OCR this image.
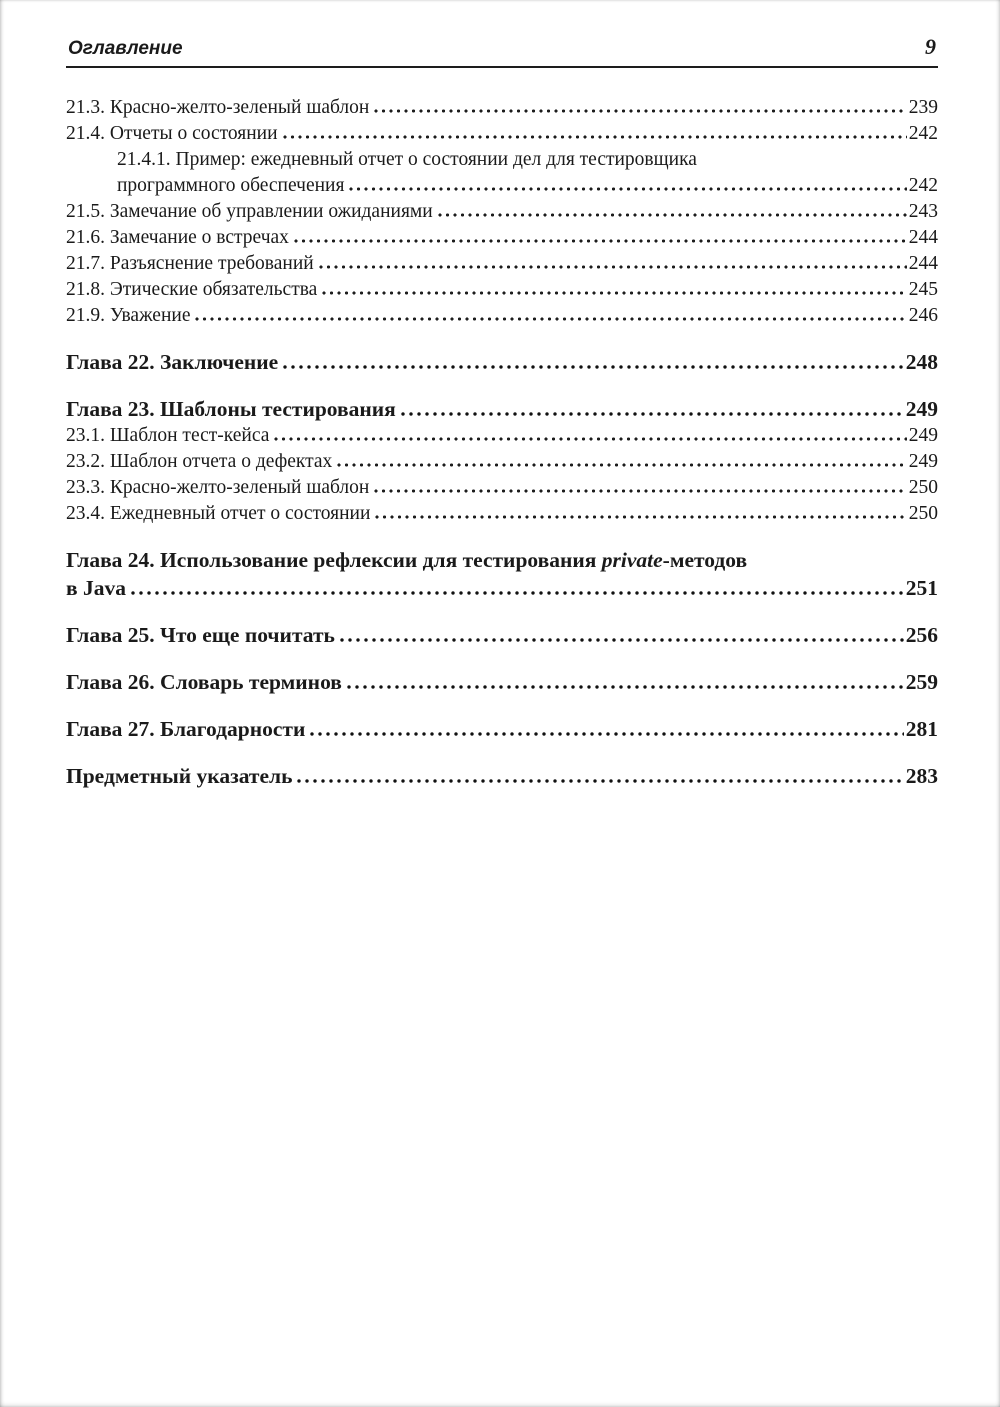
Оглавление	9
21.3. Красно-желто-зеленый шаблон	239
21.4. Отчеты о состоянии	242
21.4.1. Пример: ежедневный отчет о состоянии дел для тестировщика
программного обеспечения	242
21.5. Замечание об управлении ожиданиями	243
21.6. Замечание о встречах	244
21.7. Разъяснение требований	244
21.8. Этические обязательства	245
21.9. Уважение	246
Глава 22. Заключение	248
Глава 23. Шаблоны тестирования	249
23.1. Шаблон тест-кейса	249
23.2. Шаблон отчета о дефектах	249
23.3. Красно-желто-зеленый шаблон	250
23.4. Ежедневный отчет о состоянии	250
Глава 24. Использование рефлексии для тестирования private-методов
в Java	251
Глава 25. Что еще почитать	256
Глава 26. Словарь терминов	259
Глава 27. Благодарности	281
Предметный указатель	283
